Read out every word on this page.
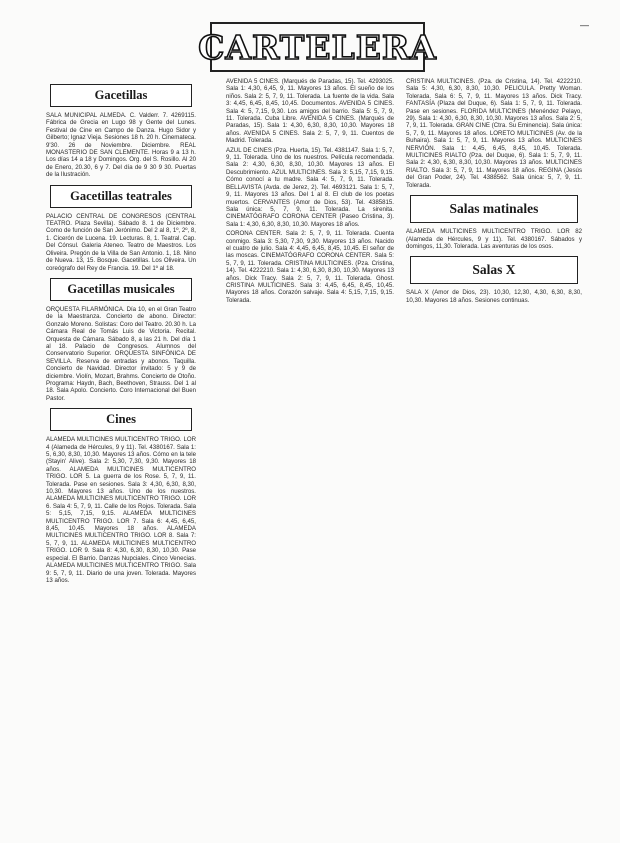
CARTELERA
—
Gacetillas
SALA MUNICIPAL ALMEDA. C. Valderr. 7. 4269115. Fábrica de Grecia en Lugo 98 y Gente del Lunes. Festival de Cine en Campo de Danza. Hugo Sidor y Gilberto; Ignaz Vieja. Sesiones 18 h. 20 h. Cinemateca. 9'30. 26 de Noviembre. Diciembre. REAL MONASTERIO DE SAN CLEMENTE. Horas 9 a 13 h. Los días 14 a 18 y Domingos. Org. del S. Rosillo. Al 20 de Enero, 20.30, 6 y 7. Del día de 9 30 9 30. Puertas de la Ilustración.
Gacetillas teatrales
PALACIO CENTRAL DE CONGRESOS (CENTRAL TEATRO. Plaza Sevilla). Sábado 8. 1 de Diciembre. Como de función de San Jerónimo. Del 2 al 8, 1º, 2º, 8, 1. Cicerón de Lucena. 19. Lecturas. 8, 1. Teatral. Cap. Del Cónsul. Galeria Ateneo. Teatro de Maestros. Los Oliveira. Pregón de la Villa de San Antonio. 1, 18. Nino de Nueva. 13, 15. Bosque. Gacetillas. Los Oliveira. Un coreógrafo del Rey de Francia. 19. Del 1º al 18.
Gacetillas musicales
ORQUESTA FILARMÓNICA. Día 10, en el Gran Teatro de la Maestranza. Concierto de abono. Director: Gonzalo Moreno. Solistas: Coro del Teatro. 20.30 h. La Cámara Real de Tomás Luis de Victoria. Recital. Orquesta de Cámara. Sábado 8, a las 21 h. Del día 1 al 18. Palacio de Congresos. Alumnos del Conservatorio Superior. ORQUESTA SINFÓNICA DE SEVILLA. Reserva de entradas y abonos. Taquilla. Concierto de Navidad. Director invitado: 5 y 9 de diciembre. Violín, Mozart, Brahms. Concierto de Otoño. Programa: Haydn, Bach, Beethoven, Strauss. Del 1 al 18. Sala Apolo. Concierto. Coro Internacional del Buen Pastor.
Cines
ALAMEDA MULTICINES MULTICENTRO TRIGO. LOR 4 (Alameda de Hércules, 9 y 11). Tel. 4380167. Sala 1: 5, 6,30, 8,30, 10,30. Mayores 13 años. Cómo en la tele (Stayin' Alive). Sala 2: 5,30, 7,30, 9,30. Mayores 18 años. ALAMEDA MULTICINES MULTICENTRO TRIGO. LOR 5. La guerra de los Rose. 5, 7, 9, 11. Tolerada. Pase en sesiones. Sala 3: 4,30, 6,30, 8,30, 10,30. Mayores 13 años. Uno de los nuestros. ALAMEDA MULTICINES MULTICENTRO TRIGO. LOR 6. Sala 4: 5, 7, 9, 11. Calle de los Rojos. Tolerada. Sala 5: 5,15, 7,15, 9,15. ALAMEDA MULTICINES MULTICENTRO TRIGO. LOR 7. Sala 6: 4,45, 6,45, 8,45, 10,45. Mayores 18 años. ALAMEDA MULTICINES MULTICENTRO TRIGO. LOR 8. Sala 7: 5, 7, 9, 11. ALAMEDA MULTICINES MULTICENTRO TRIGO. LOR 9. Sala 8: 4,30, 6,30, 8,30, 10,30. Pase especial. El Barrio. Danzas Nupciales. Cinco Venecias. ALAMEDA MULTICINES MULTICENTRO TRIGO. Sala 9: 5, 7, 9, 11. Diario de una joven. Tolerada. Mayores 13 años.
AVENIDA 5 CINES. (Marqués de Paradas, 15). Tel. 4293025. Sala 1: 4,30, 6,45, 9, 11. Mayores 13 años. El sueño de los niños. Sala 2: 5, 7, 9, 11. Tolerada. La fuente de la vida. Sala 3: 4,45, 6,45, 8,45, 10,45. Documentos. AVENIDA 5 CINES. Sala 4: 5, 7,15, 9,30. Los amigos del barrio. Sala 5: 5, 7, 9, 11. Tolerada. Cuba Libre. AVENIDA 5 CINES. (Marqués de Paradas, 15). Sala 1: 4,30, 6,30, 8,30, 10,30. Mayores 18 años. AVENIDA 5 CINES. Sala 2: 5, 7, 9, 11. Cuentos de Madrid. Tolerada.
AZUL DE CINES (Pza. Huerta, 15). Tel. 4381147. Sala 1: 5, 7, 9, 11. Tolerada. Uno de los nuestros. Película recomendada. Sala 2: 4,30, 6,30, 8,30, 10,30. Mayores 13 años. El Descubrimiento. AZUL MULTICINES. Sala 3: 5,15, 7,15, 9,15. Cómo conocí a tu madre. Sala 4: 5, 7, 9, 11. Tolerada. BELLAVISTA (Avda. de Jerez, 2). Tel. 4693121. Sala 1: 5, 7, 9, 11. Mayores 13 años. Del 1 al 8. El club de los poetas muertos. CERVANTES (Amor de Dios, 53). Tel. 4385815. Sala única: 5, 7, 9, 11. Tolerada. La sirenita. CINEMATÓGRAFO CORONA CENTER (Paseo Cristina, 3). Sala 1: 4,30, 6,30, 8,30, 10,30. Mayores 18 años.
CORONA CENTER. Sala 2: 5, 7, 9, 11. Tolerada. Cuenta conmigo. Sala 3: 5,30, 7,30, 9,30. Mayores 13 años. Nacido el cuatro de julio. Sala 4: 4,45, 6,45, 8,45, 10,45. El señor de las moscas. CINEMATÓGRAFO CORONA CENTER. Sala 5: 5, 7, 9, 11. Tolerada. CRISTINA MULTICINES. (Pza. Cristina, 14). Tel. 4222210. Sala 1: 4,30, 6,30, 8,30, 10,30. Mayores 13 años. Dick Tracy. Sala 2: 5, 7, 9, 11. Tolerada. Ghost. CRISTINA MULTICINES. Sala 3: 4,45, 6,45, 8,45, 10,45. Mayores 18 años. Corazón salvaje. Sala 4: 5,15, 7,15, 9,15. Tolerada.
CRISTINA MULTICINES. (Pza. de Cristina, 14). Tel. 4222210. Sala 5: 4,30, 6,30, 8,30, 10,30. PELICULA. Pretty Woman. Tolerada. Sala 6: 5, 7, 9, 11. Mayores 13 años. Dick Tracy. FANTASÍA (Plaza del Duque, 6). Sala 1: 5, 7, 9, 11. Tolerada. Pase en sesiones. FLORIDA MULTICINES (Menéndez Pelayo, 29). Sala 1: 4,30, 6,30, 8,30, 10,30. Mayores 13 años. Sala 2: 5, 7, 9, 11. Tolerada. GRAN CINE (Ctra. Su Eminencia). Sala única: 5, 7, 9, 11. Mayores 18 años. LORETO MULTICINES (Av. de la Buhaira). Sala 1: 5, 7, 9, 11. Mayores 13 años. MULTICINES NERVIÓN. Sala 1: 4,45, 6,45, 8,45, 10,45. Tolerada. MULTICINES RIALTO (Pza. del Duque, 6). Sala 1: 5, 7, 9, 11. Sala 2: 4,30, 6,30, 8,30, 10,30. Mayores 13 años. MULTICINES RIALTO. Sala 3: 5, 7, 9, 11. Mayores 18 años. REGINA (Jesús del Gran Poder, 24). Tel. 4388562. Sala única: 5, 7, 9, 11. Tolerada.
Salas matinales
ALAMEDA MULTICINES MULTICENTRO TRIGO. LOR 82 (Alameda de Hércules, 9 y 11). Tel. 4380167. Sábados y domingos, 11,30. Tolerada. Las aventuras de los osos.
Salas X
SALA X (Amor de Dios, 23). 10,30, 12,30, 4,30, 6,30, 8,30, 10,30. Mayores 18 años. Sesiones continuas.
